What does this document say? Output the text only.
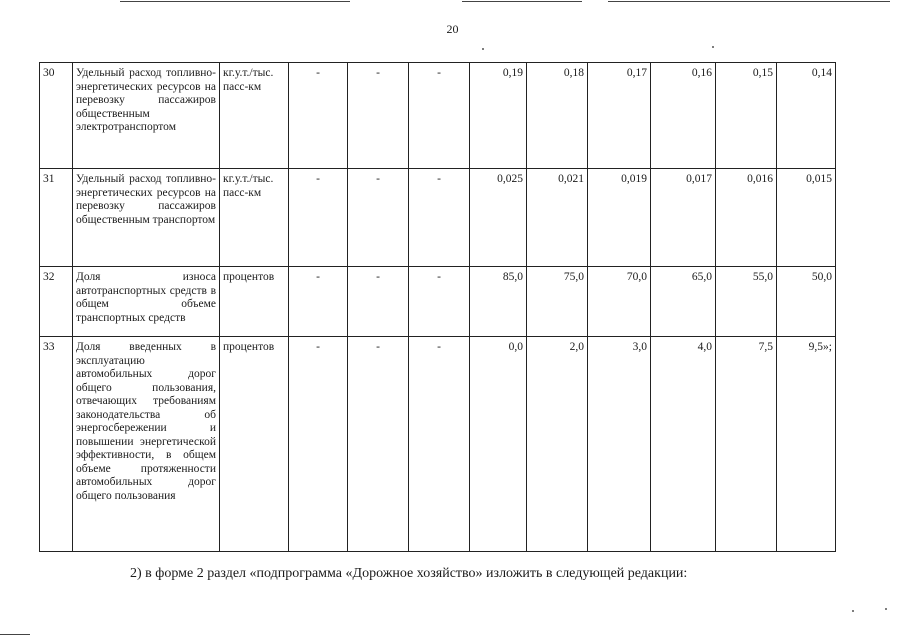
20
30	Удельный расход топливно-энергетических ресурсов на перевозку пассажиров общественным электротранспортом	кг.у.т./тыс. пасс-км	-	-	-	0,19	0,18	0,17	0,16	0,15	0,14
31	Удельный расход топливно-энергетических ресурсов на перевозку пассажиров общественным транспортом	кг.у.т./тыс. пасс-км	-	-	-	0,025	0,021	0,019	0,017	0,016	0,015
32	Доля износа автотранспортных средств в общем объеме транспортных средств	процентов	-	-	-	85,0	75,0	70,0	65,0	55,0	50,0
33	Доля введенных в эксплуатацию автомобильных дорог общего пользования, отвечающих требованиям законодательства об энергосбережении и повышении энергетической эффективности, в общем объеме протяженности автомобильных дорог общего пользования	процентов	-	-	-	0,0	2,0	3,0	4,0	7,5	9,5»;
2) в форме 2 раздел «подпрограмма «Дорожное хозяйство» изложить в следующей редакции:
